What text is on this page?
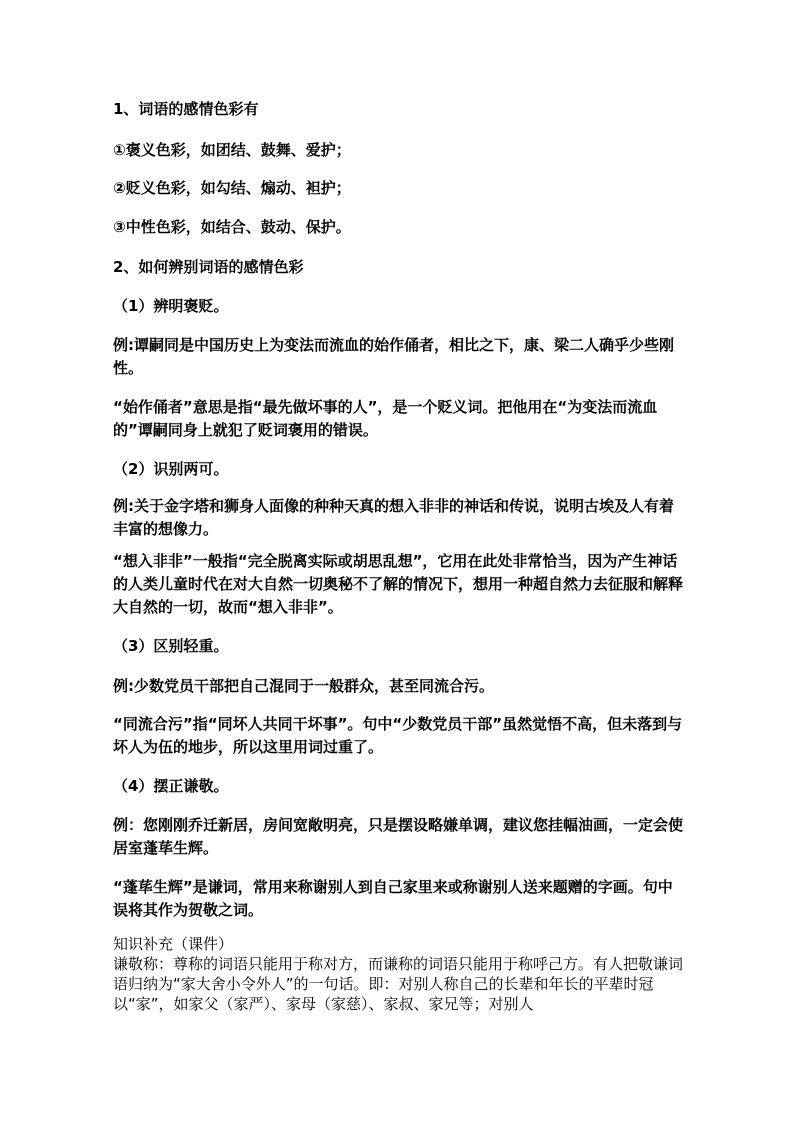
1、词语的感情色彩有
①褒义色彩，如团结、鼓舞、爱护；
②贬义色彩，如勾结、煽动、袒护；
③中性色彩，如结合、鼓动、保护。
2、如何辨别词语的感情色彩
（1）辨明褒贬。
例:谭嗣同是中国历史上为变法而流血的始作俑者，相比之下，康、梁二人确乎少些刚性。
“始作俑者”意思是指“最先做坏事的人”，是一个贬义词。把他用在“为变法而流血的”谭嗣同身上就犯了贬词褒用的错误。
（2）识别两可。
例:关于金字塔和狮身人面像的种种天真的想入非非的神话和传说，说明古埃及人有着丰富的想像力。
“想入非非”一般指“完全脱离实际或胡思乱想”，它用在此处非常恰当，因为产生神话的人类儿童时代在对大自然一切奥秘不了解的情况下，想用一种超自然力去征服和解释大自然的一切，故而“想入非非”。
（3）区别轻重。
例:少数党员干部把自己混同于一般群众，甚至同流合污。
“同流合污”指“同坏人共同干坏事”。句中“少数党员干部”虽然觉悟不高，但未落到与坏人为伍的地步，所以这里用词过重了。
（4）摆正谦敬。
例：您刚刚乔迁新居，房间宽敞明亮，只是摆设略嫌单调，建议您挂幅油画，一定会使居室蓬荜生辉。
“蓬荜生辉”是谦词，常用来称谢别人到自己家里来或称谢别人送来题赠的字画。句中误将其作为贺敬之词。
知识补充（课件）
谦敬称：尊称的词语只能用于称对方，而谦称的词语只能用于称呼己方。有人把敬谦词语归纳为“家大舍小令外人”的一句话。即：对别人称自己的长辈和年长的平辈时冠以“家”，如家父（家严）、家母（家慈）、家叔、家兄等；对别人
